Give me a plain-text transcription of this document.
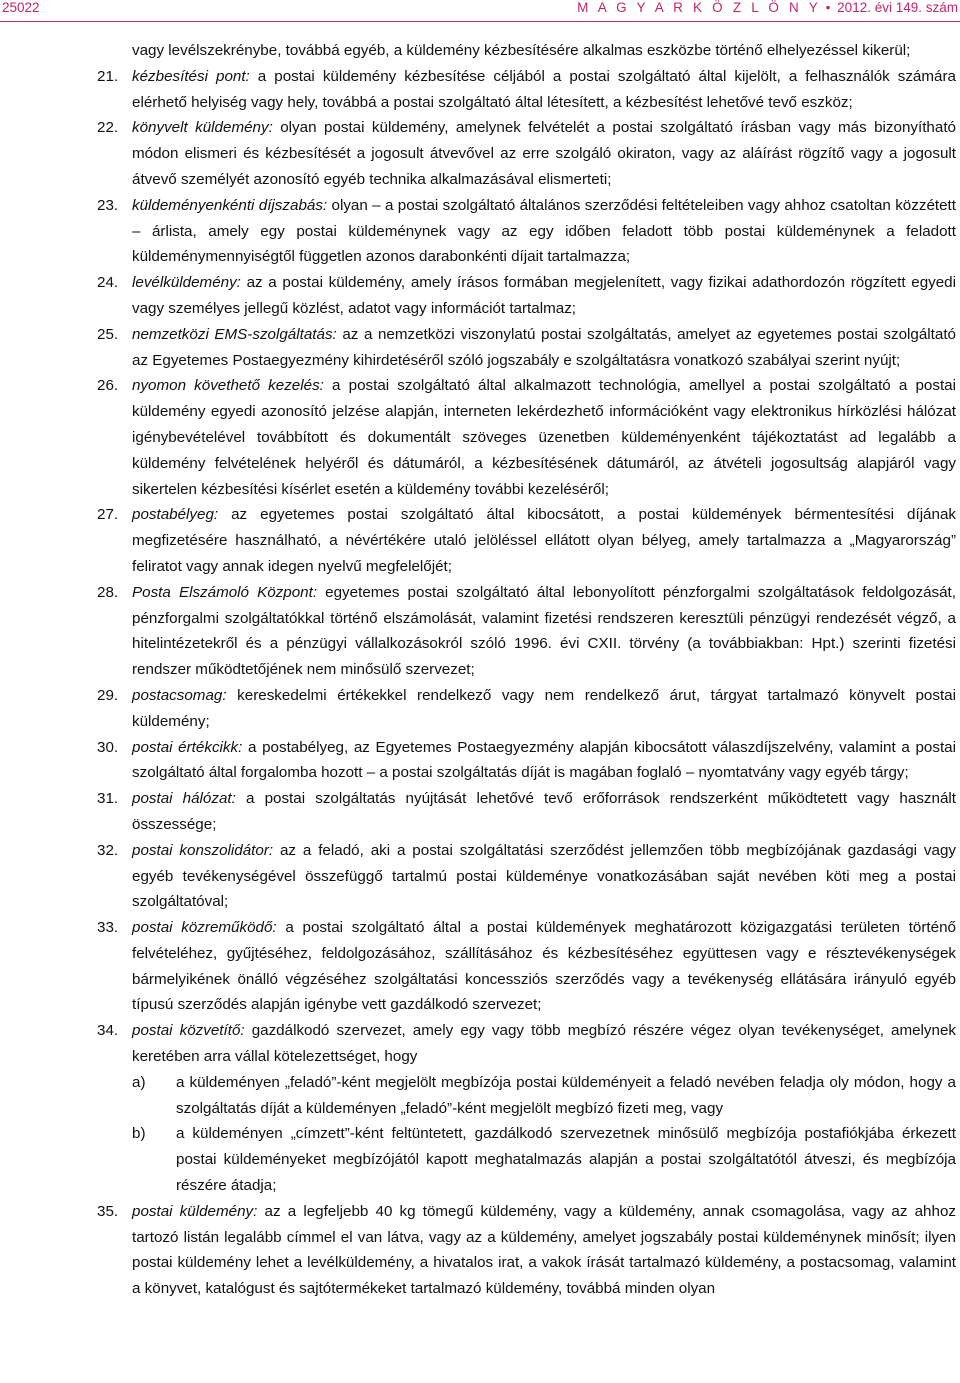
25022	M A G Y A R K Ö Z L Ö N Y • 2012. évi 149. szám
vagy levélszekrénybe, továbbá egyéb, a küldemény kézbesítésére alkalmas eszközbe történő elhelyezéssel kikerül;
21. kézbesítési pont: a postai küldemény kézbesítése céljából a postai szolgáltató által kijelölt, a felhasználók számára elérhető helyiség vagy hely, továbbá a postai szolgáltató által létesített, a kézbesítést lehetővé tevő eszköz;
22. könyvelt küldemény: olyan postai küldemény, amelynek felvételét a postai szolgáltató írásban vagy más bizonyítható módon elismeri és kézbesítését a jogosult átvevővel az erre szolgáló okiraton, vagy az aláírást rögzítő vagy a jogosult átvevő személyét azonosító egyéb technika alkalmazásával elismerteti;
23. küldeményenkénti díjszabás: olyan – a postai szolgáltató általános szerződési feltételeiben vagy ahhoz csatoltan közzétett – árlista, amely egy postai küldeménynek vagy az egy időben feladott több postai küldeménynek a feladott küldeménymennyiségtől független azonos darabonkénti díjait tartalmazza;
24. levélküldemény: az a postai küldemény, amely írásos formában megjelenített, vagy fizikai adathordozón rögzített egyedi vagy személyes jellegű közlést, adatot vagy információt tartalmaz;
25. nemzetközi EMS-szolgáltatás: az a nemzetközi viszonylatú postai szolgáltatás, amelyet az egyetemes postai szolgáltató az Egyetemes Postaegyezmény kihirdetéséről szóló jogszabály e szolgáltatásra vonatkozó szabályai szerint nyújt;
26. nyomon követhető kezelés: a postai szolgáltató által alkalmazott technológia, amellyel a postai szolgáltató a postai küldemény egyedi azonosító jelzése alapján, interneten lekérdezhető információként vagy elektronikus hírközlési hálózat igénybevételével továbbított és dokumentált szöveges üzenetben küldeményenként tájékoztatást ad legalább a küldemény felvételének helyéről és dátumáról, a kézbesítésének dátumáról, az átvételi jogosultság alapjáról vagy sikertelen kézbesítési kísérlet esetén a küldemény további kezeléséről;
27. postabélyeg: az egyetemes postai szolgáltató által kibocsátott, a postai küldemények bérmentesítési díjának megfizetésére használható, a névértékére utaló jelöléssel ellátott olyan bélyeg, amely tartalmazza a „Magyarország” feliratot vagy annak idegen nyelvű megfelelőjét;
28. Posta Elszámoló Központ: egyetemes postai szolgáltató által lebonyolított pénzforgalmi szolgáltatások feldolgozását, pénzforgalmi szolgáltatókkal történő elszámolását, valamint fizetési rendszeren keresztüli pénzügyi rendezését végző, a hitelintézetekről és a pénzügyi vállalkozásokról szóló 1996. évi CXII. törvény (a továbbiakban: Hpt.) szerinti fizetési rendszer működtetőjének nem minősülő szervezet;
29. postacsomag: kereskedelmi értékekkel rendelkező vagy nem rendelkező árut, tárgyat tartalmazó könyvelt postai küldemény;
30. postai értékcikk: a postabélyeg, az Egyetemes Postaegyezmény alapján kibocsátott válaszdíjszelvény, valamint a postai szolgáltató által forgalomba hozott – a postai szolgáltatás díját is magában foglaló – nyomtatvány vagy egyéb tárgy;
31. postai hálózat: a postai szolgáltatás nyújtását lehetővé tevő erőforrások rendszerként működtetett vagy használt összessége;
32. postai konszolidátor: az a feladó, aki a postai szolgáltatási szerződést jellemzően több megbízójának gazdasági vagy egyéb tevékenységével összefüggő tartalmú postai küldeménye vonatkozásában saját nevében köti meg a postai szolgáltatóval;
33. postai közreműködő: a postai szolgáltató által a postai küldemények meghatározott közigazgatási területen történő felvételéhez, gyűjtéséhez, feldolgozásához, szállításához és kézbesítéséhez együttesen vagy e résztevékenységek bármelyikének önálló végzéséhez szolgáltatási koncessziós szerződés vagy a tevékenység ellátására irányuló egyéb típusú szerződés alapján igénybe vett gazdálkodó szervezet;
34. postai közvetítő: gazdálkodó szervezet, amely egy vagy több megbízó részére végez olyan tevékenységet, amelynek keretében arra vállal kötelezettséget, hogy
a) a küldeményen „feladó”-ként megjelölt megbízója postai küldeményeit a feladó nevében feladja oly módon, hogy a szolgáltatás díját a küldeményen „feladó”-ként megjelölt megbízó fizeti meg, vagy
b) a küldeményen „címzett”-ként feltüntetett, gazdálkodó szervezetnek minősülő megbízója postafiókjába érkezett postai küldeményeket megbízójától kapott meghatalmazás alapján a postai szolgáltatótól átveszi, és megbízója részére átadja;
35. postai küldemény: az a legfeljebb 40 kg tömegű küldemény, vagy a küldemény, annak csomagolása, vagy az ahhoz tartozó listán legalább címmel el van látva, vagy az a küldemény, amelyet jogszabály postai küldeménynek minősít; ilyen postai küldemény lehet a levélküldemény, a hivatalos irat, a vakok írását tartalmazó küldemény, a postacsomag, valamint a könyvet, katalógust és sajtótermékeket tartalmazó küldemény, továbbá minden olyan
